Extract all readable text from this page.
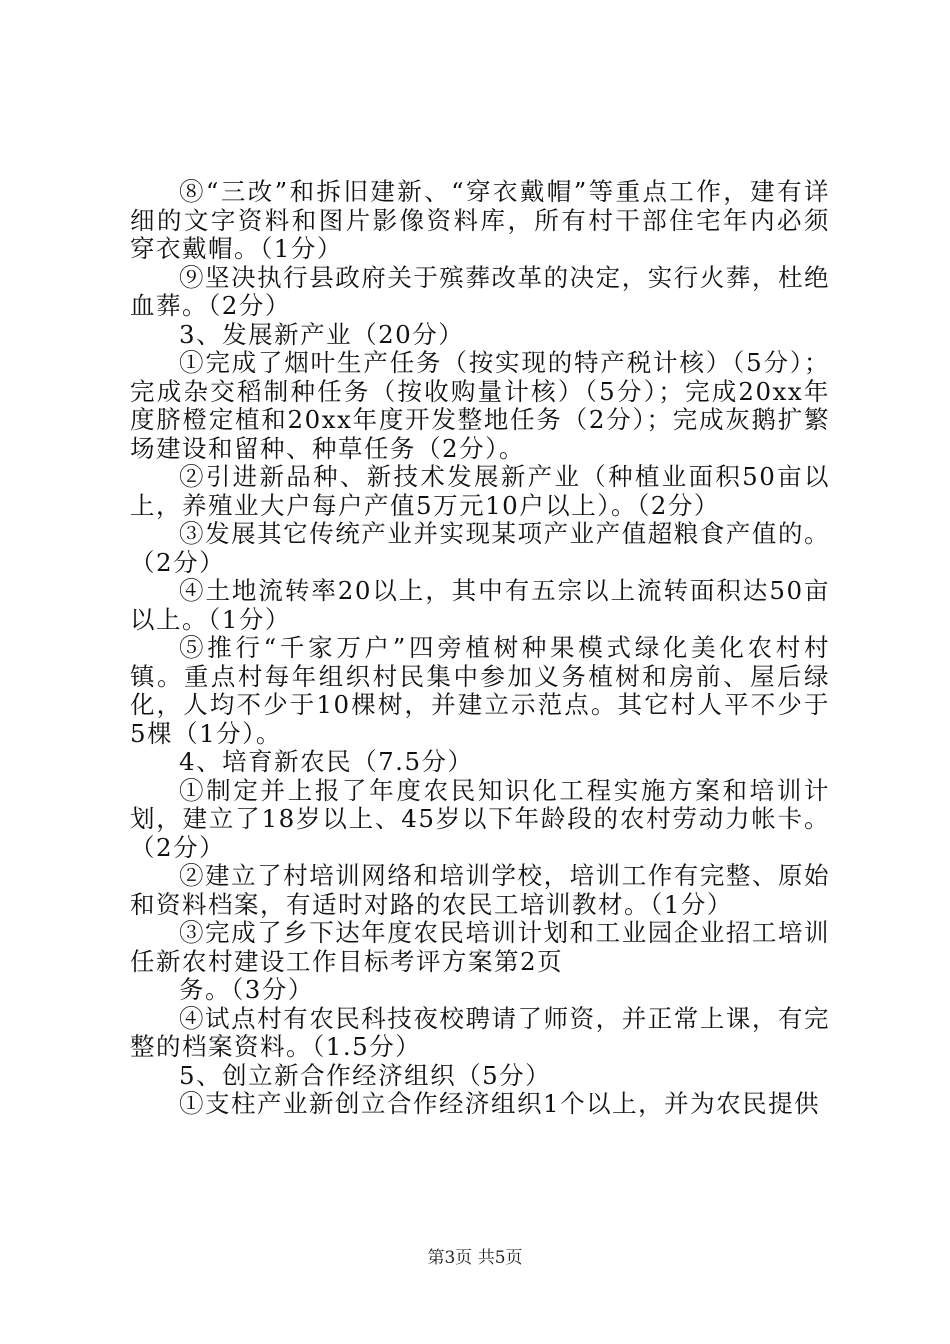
⑧“三改”和拆旧建新、“穿衣戴帽”等重点工作，建有详细的文字资料和图片影像资料库，所有村干部住宅年内必须穿衣戴帽。（1分）

⑨坚决执行县政府关于殡葬改革的决定，实行火葬，杜绝血葬。（2分）

3、发展新产业（20分）

①完成了烟叶生产任务（按实现的特产税计核）（5分）；完成杂交稻制种任务（按收购量计核）（5分）；完成20xx年度脐橙定植和20xx年度开发整地任务（2分）；完成灰鹅扩繁场建设和留种、种草任务（2分）。

②引进新品种、新技术发展新产业（种植业面积50亩以上，养殖业大户每户产值5万元10户以上）。（2分）

③发展其它传统产业并实现某项产业产值超粮食产值的。（2分）

④土地流转率20以上，其中有五宗以上流转面积达50亩以上。（1分）

⑤推行“千家万户”四旁植树种果模式绿化美化农村村镇。重点村每年组织村民集中参加义务植树和房前、屋后绿化，人均不少于10棵树，并建立示范点。其它村人平不少于5棵（1分）。

4、培育新农民（7.5分）

①制定并上报了年度农民知识化工程实施方案和培训计划，建立了18岁以上、45岁以下年龄段的农村劳动力帐卡。（2分）

②建立了村培训网络和培训学校，培训工作有完整、原始和资料档案，有适时对路的农民工培训教材。（1分）

③完成了乡下达年度农民培训计划和工业园企业招工培训任新农村建设工作目标考评方案第2页

务。（3分）

④试点村有农民科技夜校聘请了师资，并正常上课，有完整的档案资料。（1.5分）

5、创立新合作经济组织（5分）

①支柱产业新创立合作经济组织1个以上，并为农民提供

第3页 共5页
